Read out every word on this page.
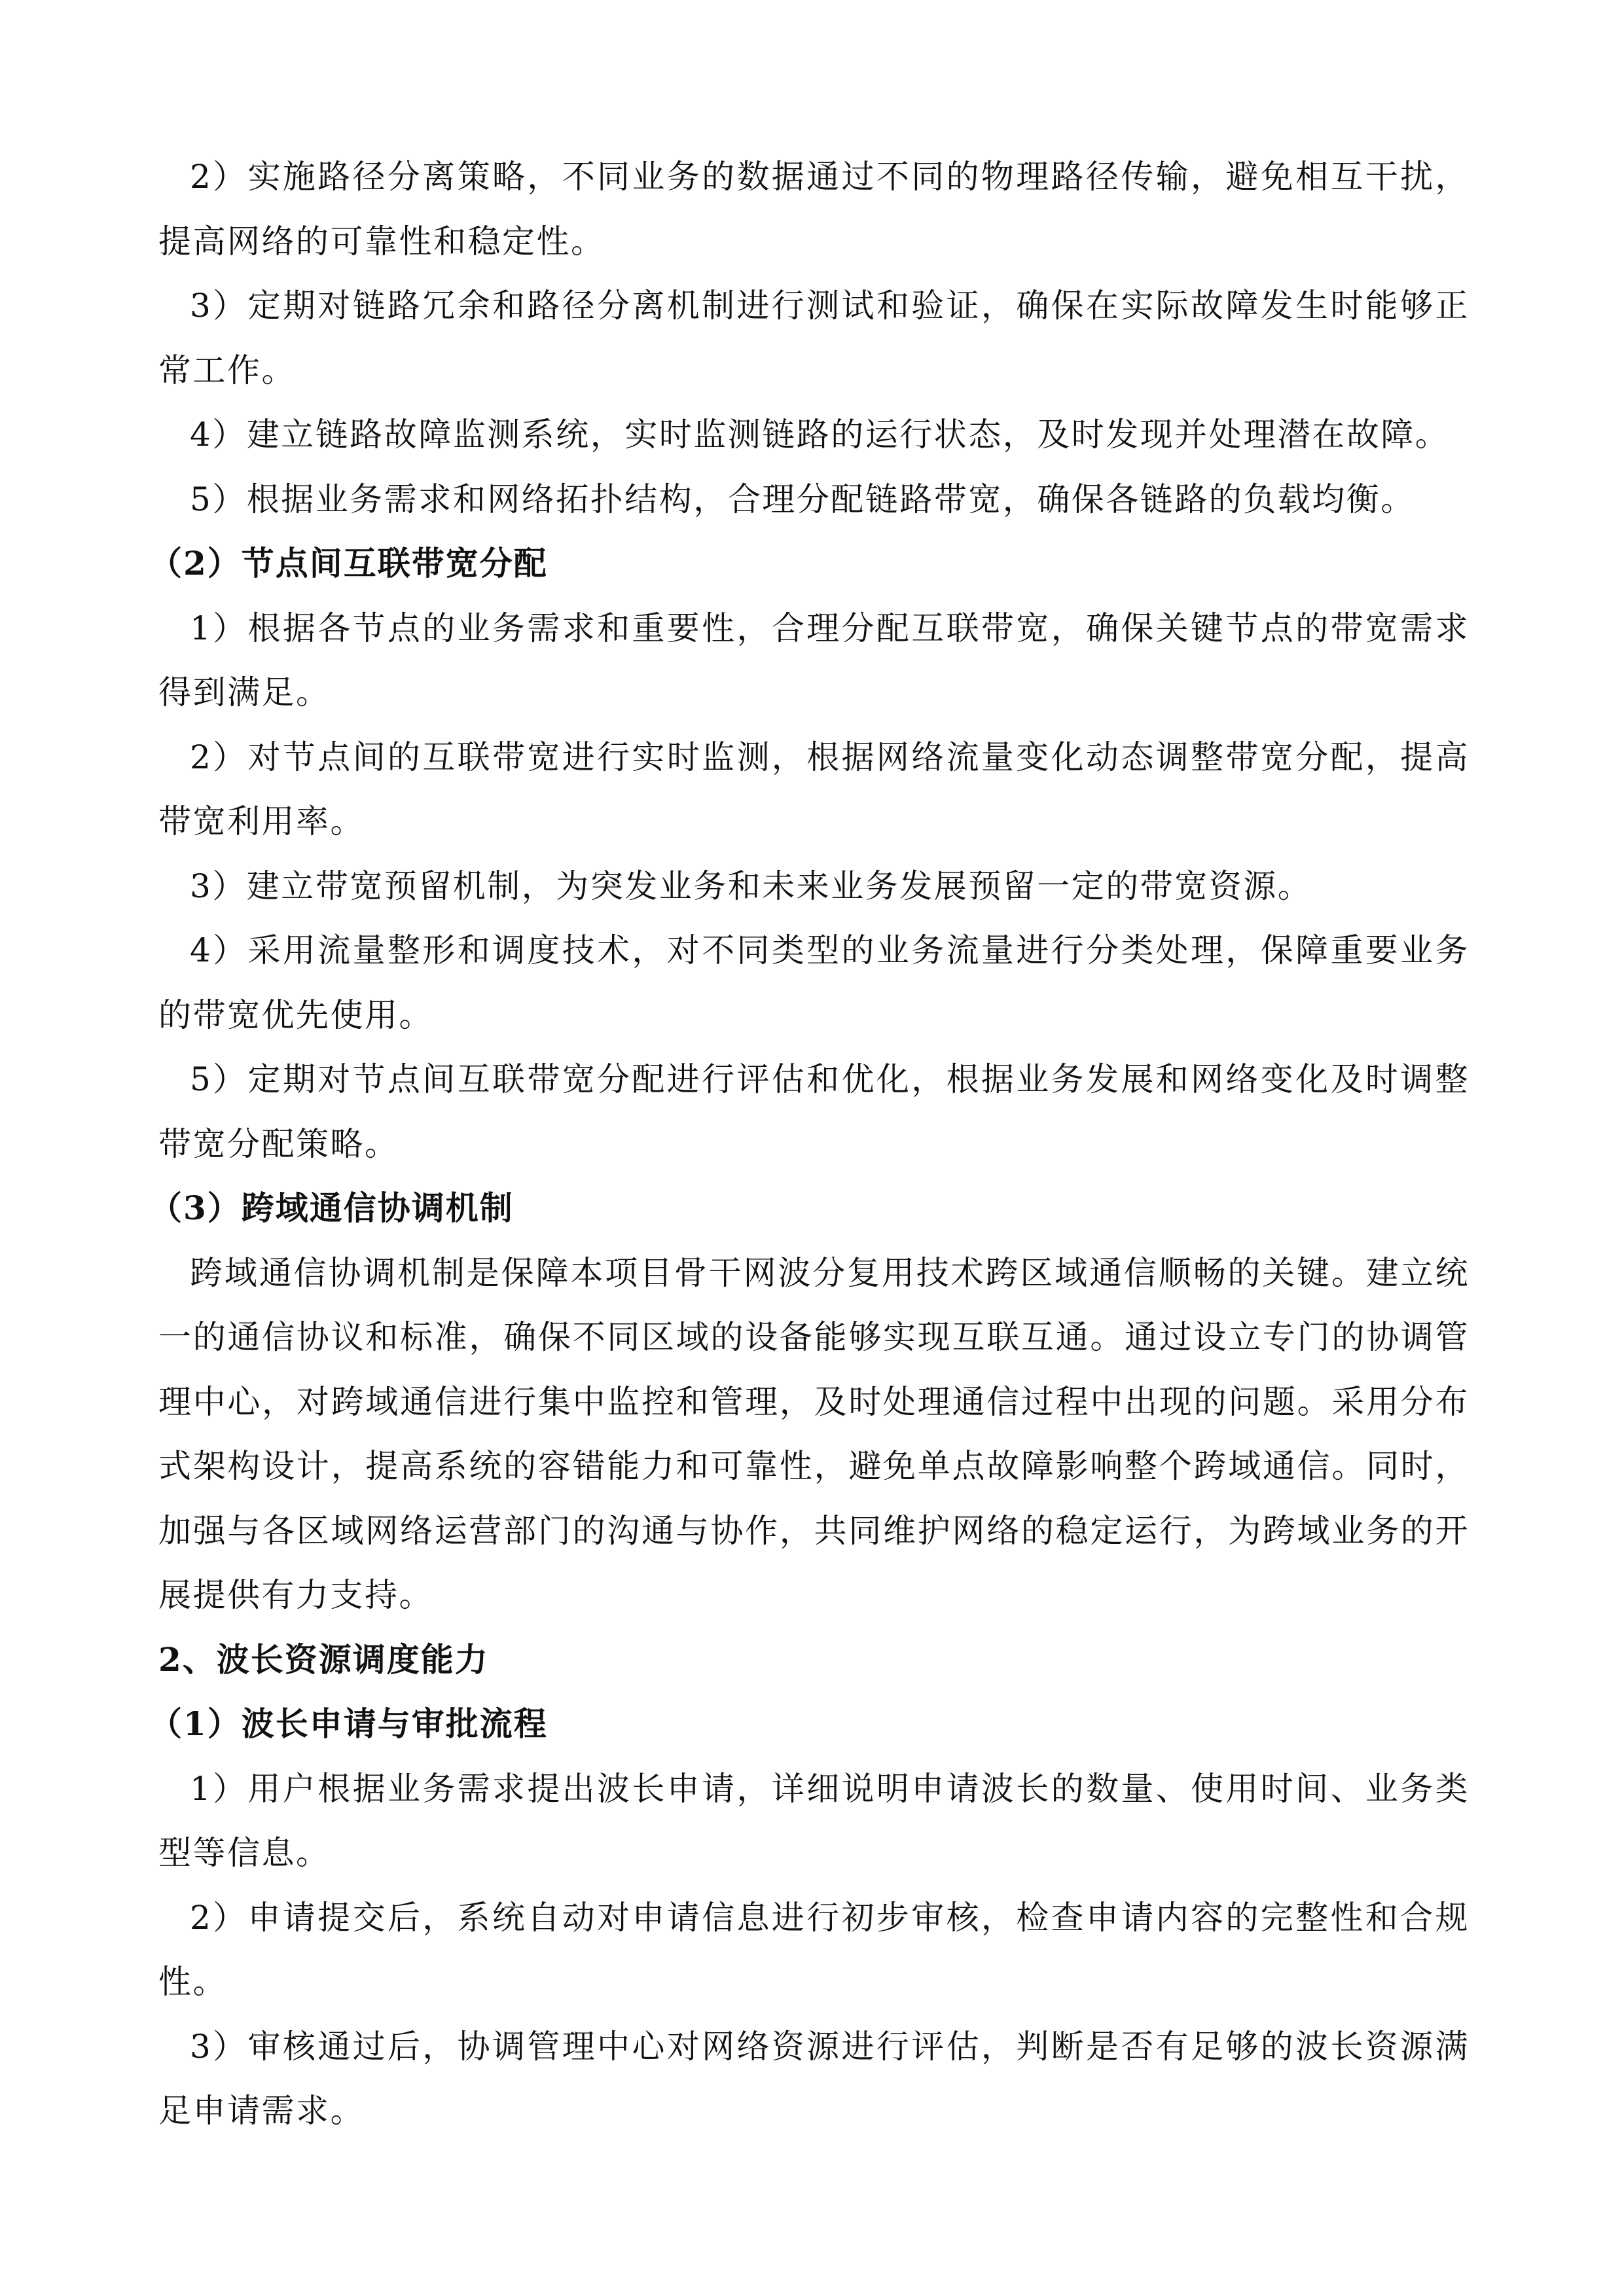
2）实施路径分离策略，不同业务的数据通过不同的物理路径传输，避免相互干扰，提高网络的可靠性和稳定性。

3）定期对链路冗余和路径分离机制进行测试和验证，确保在实际故障发生时能够正常工作。

4）建立链路故障监测系统，实时监测链路的运行状态，及时发现并处理潜在故障。

5）根据业务需求和网络拓扑结构，合理分配链路带宽，确保各链路的负载均衡。

（2）节点间互联带宽分配

1）根据各节点的业务需求和重要性，合理分配互联带宽，确保关键节点的带宽需求得到满足。

2）对节点间的互联带宽进行实时监测，根据网络流量变化动态调整带宽分配，提高带宽利用率。

3）建立带宽预留机制，为突发业务和未来业务发展预留一定的带宽资源。

4）采用流量整形和调度技术，对不同类型的业务流量进行分类处理，保障重要业务的带宽优先使用。

5）定期对节点间互联带宽分配进行评估和优化，根据业务发展和网络变化及时调整带宽分配策略。

（3）跨域通信协调机制

跨域通信协调机制是保障本项目骨干网波分复用技术跨区域通信顺畅的关键。建立统一的通信协议和标准，确保不同区域的设备能够实现互联互通。通过设立专门的协调管理中心，对跨域通信进行集中监控和管理，及时处理通信过程中出现的问题。采用分布式架构设计，提高系统的容错能力和可靠性，避免单点故障影响整个跨域通信。同时，加强与各区域网络运营部门的沟通与协作，共同维护网络的稳定运行，为跨域业务的开展提供有力支持。

2、波长资源调度能力

（1）波长申请与审批流程

1）用户根据业务需求提出波长申请，详细说明申请波长的数量、使用时间、业务类型等信息。

2）申请提交后，系统自动对申请信息进行初步审核，检查申请内容的完整性和合规性。

3）审核通过后，协调管理中心对网络资源进行评估，判断是否有足够的波长资源满足申请需求。
